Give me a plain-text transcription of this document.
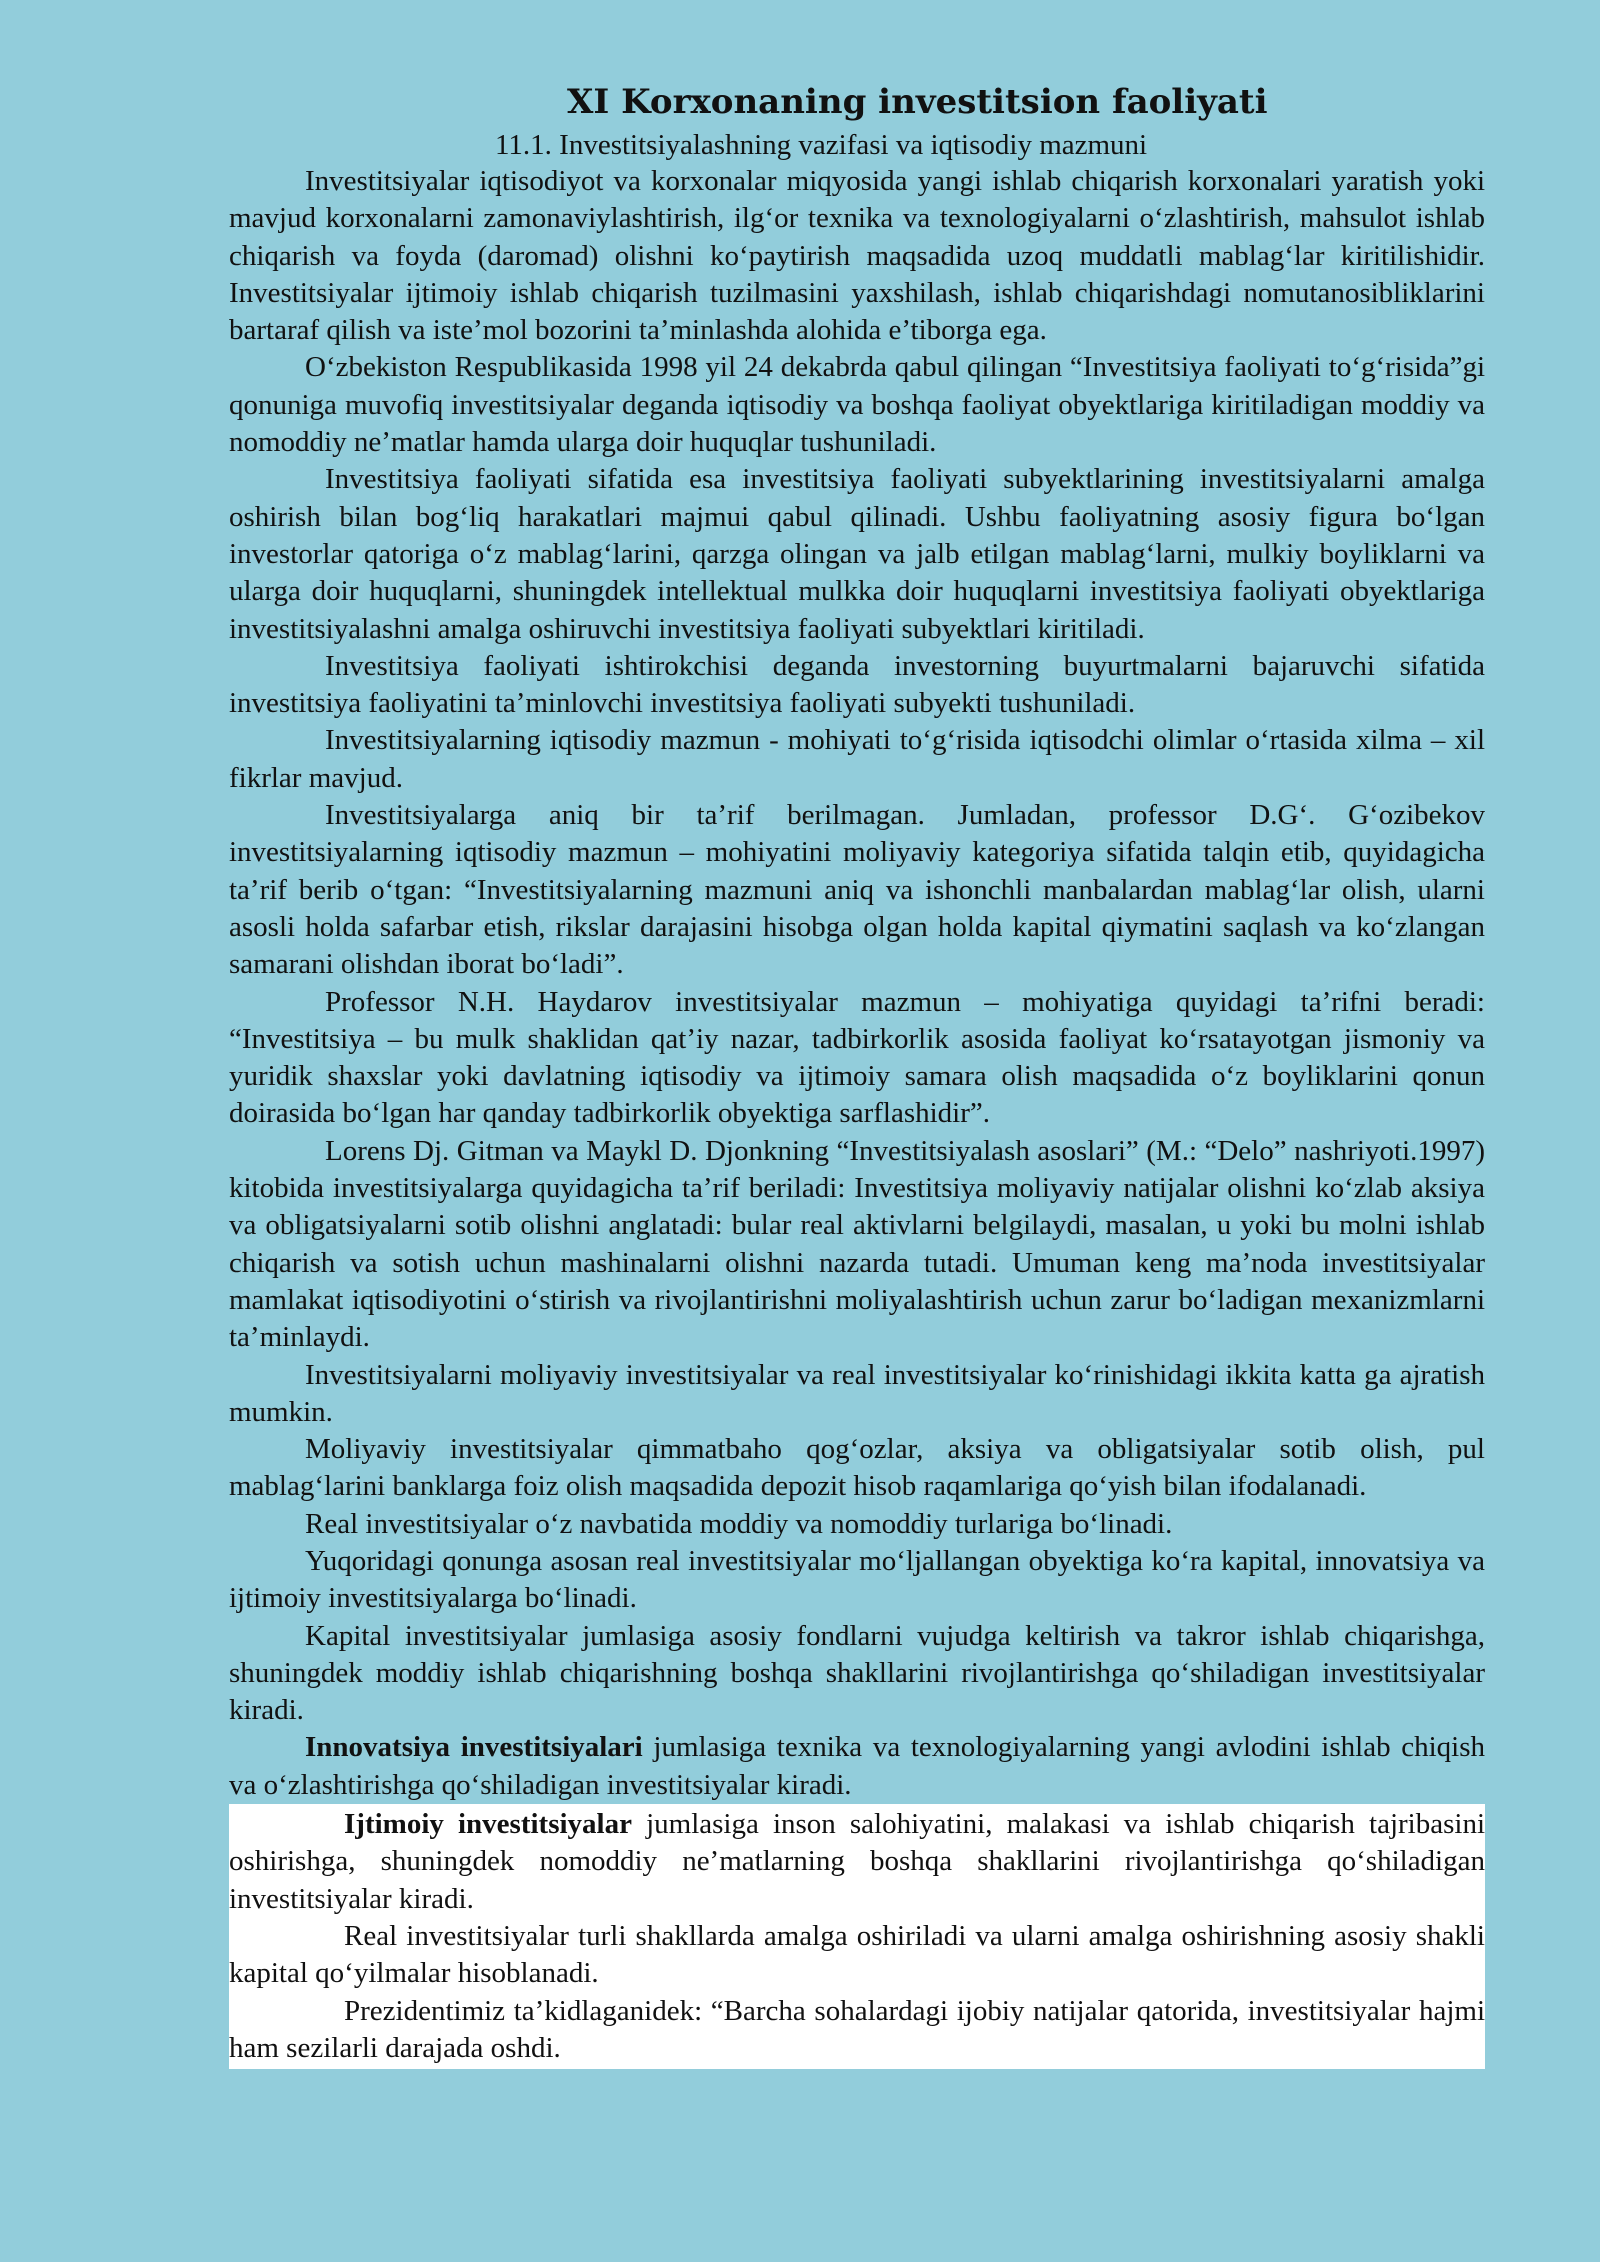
XI Korxonaning investitsion faoliyati
11.1. Investitsiyalashning vazifasi va iqtisodiy mazmuni

Investitsiyalar iqtisodiyot va korxonalar miqyosida yangi ishlab chiqarish korxonalari yaratish yoki mavjud korxonalarni zamonaviylashtirish, ilg‘or texnika va texnologiyalarni o‘zlashtirish, mahsulot ishlab chiqarish va foyda (daromad) olishni ko‘paytirish maqsadida uzoq muddatli mablag‘lar kiritilishidir. Investitsiyalar ijtimoiy ishlab chiqarish tuzilmasini yaxshilash, ishlab chiqarishdagi nomutanosibliklarini bartaraf qilish va iste’mol bozorini ta’minlashda alohida e’tiborga ega.

O‘zbekiston Respublikasida 1998 yil 24 dekabrda qabul qilingan “Investitsiya faoliyati to‘g‘risida”gi qonuniga muvofiq investitsiyalar deganda iqtisodiy va boshqa faoliyat obyektlariga kiritiladigan moddiy va nomoddiy ne’matlar hamda ularga doir huquqlar tushuniladi.

Investitsiya faoliyati sifatida esa investitsiya faoliyati subyektlarining investitsiyalarni amalga oshirish bilan bog‘liq harakatlari majmui qabul qilinadi. Ushbu faoliyatning asosiy figura bo‘lgan investorlar qatoriga o‘z mablag‘larini, qarzga olingan va jalb etilgan mablag‘larni, mulkiy boyliklarni va ularga doir huquqlarni, shuningdek intellektual mulkka doir huquqlarni investitsiya faoliyati obyektlariga investitsiyalashni amalga oshiruvchi investitsiya faoliyati subyektlari kiritiladi.

Investitsiya faoliyati ishtirokchisi deganda investorning buyurtmalarni bajaruvchi sifatida investitsiya faoliyatini ta’minlovchi investitsiya faoliyati subyekti tushuniladi.

Investitsiyalarning iqtisodiy mazmun - mohiyati to‘g‘risida iqtisodchi olimlar o‘rtasida xilma – xil fikrlar mavjud.

Investitsiyalarga aniq bir ta’rif berilmagan. Jumladan, professor D.G‘. G‘ozibekov investitsiyalarning iqtisodiy mazmun – mohiyatini moliyaviy kategoriya sifatida talqin etib, quyidagicha ta’rif berib o‘tgan: “Investitsiyalarning mazmuni aniq va ishonchli manbalardan mablag‘lar olish, ularni asosli holda safarbar etish, rikslar darajasini hisobga olgan holda kapital qiymatini saqlash va ko‘zlangan samarani olishdan iborat bo‘ladi”.

Professor N.H. Haydarov investitsiyalar mazmun – mohiyatiga quyidagi ta’rifni beradi: “Investitsiya – bu mulk shaklidan qat’iy nazar, tadbirkorlik asosida faoliyat ko‘rsatayotgan jismoniy va yuridik shaxslar yoki davlatning iqtisodiy va ijtimoiy samara olish maqsadida o‘z boyliklarini qonun doirasida bo‘lgan har qanday tadbirkorlik obyektiga sarflashidir”.

Lorens Dj. Gitman va Maykl D. Djonkning “Investitsiyalash asoslari” (M.: “Delo” nashriyoti.1997) kitobida investitsiyalarga quyidagicha ta’rif beriladi: Investitsiya moliyaviy natijalar olishni ko‘zlab aksiya va obligatsiyalarni sotib olishni anglatadi: bular real aktivlarni belgilaydi, masalan, u yoki bu molni ishlab chiqarish va sotish uchun mashinalarni olishni nazarda tutadi. Umuman keng ma’noda investitsiyalar mamlakat iqtisodiyotini o‘stirish va rivojlantirishni moliyalashtirish uchun zarur bo‘ladigan mexanizmlarni ta’minlaydi.

Investitsiyalarni moliyaviy investitsiyalar va real investitsiyalar ko‘rinishidagi ikkita katta ga ajratish mumkin.

Moliyaviy investitsiyalar qimmatbaho qog‘ozlar, aksiya va obligatsiyalar sotib olish, pul mablag‘larini banklarga foiz olish maqsadida depozit hisob raqamlariga qo‘yish bilan ifodalanadi.

Real investitsiyalar o‘z navbatida moddiy va nomoddiy turlariga bo‘linadi.

Yuqoridagi qonunga asosan real investitsiyalar mo‘ljallangan obyektiga ko‘ra kapital, innovatsiya va ijtimoiy investitsiyalarga bo‘linadi.

Kapital investitsiyalar jumlasiga asosiy fondlarni vujudga keltirish va takror ishlab chiqarishga, shuningdek moddiy ishlab chiqarishning boshqa shakllarini rivojlantirishga qo‘shiladigan investitsiyalar kiradi.

Innovatsiya investitsiyalari jumlasiga texnika va texnologiyalarning yangi avlodini ishlab chiqish va o‘zlashtirishga qo‘shiladigan investitsiyalar kiradi.

Ijtimoiy investitsiyalar jumlasiga inson salohiyatini, malakasi va ishlab chiqarish tajribasini oshirishga, shuningdek nomoddiy ne’matlarning boshqa shakllarini rivojlantirishga qo‘shiladigan investitsiyalar kiradi.

Real investitsiyalar turli shakllarda amalga oshiriladi va ularni amalga oshirishning asosiy shakli kapital qo‘yilmalar hisoblanadi.

Prezidentimiz ta’kidlaganidek: “Barcha sohalardagi ijobiy natijalar qatorida, investitsiyalar hajmi ham sezilarli darajada oshdi.
